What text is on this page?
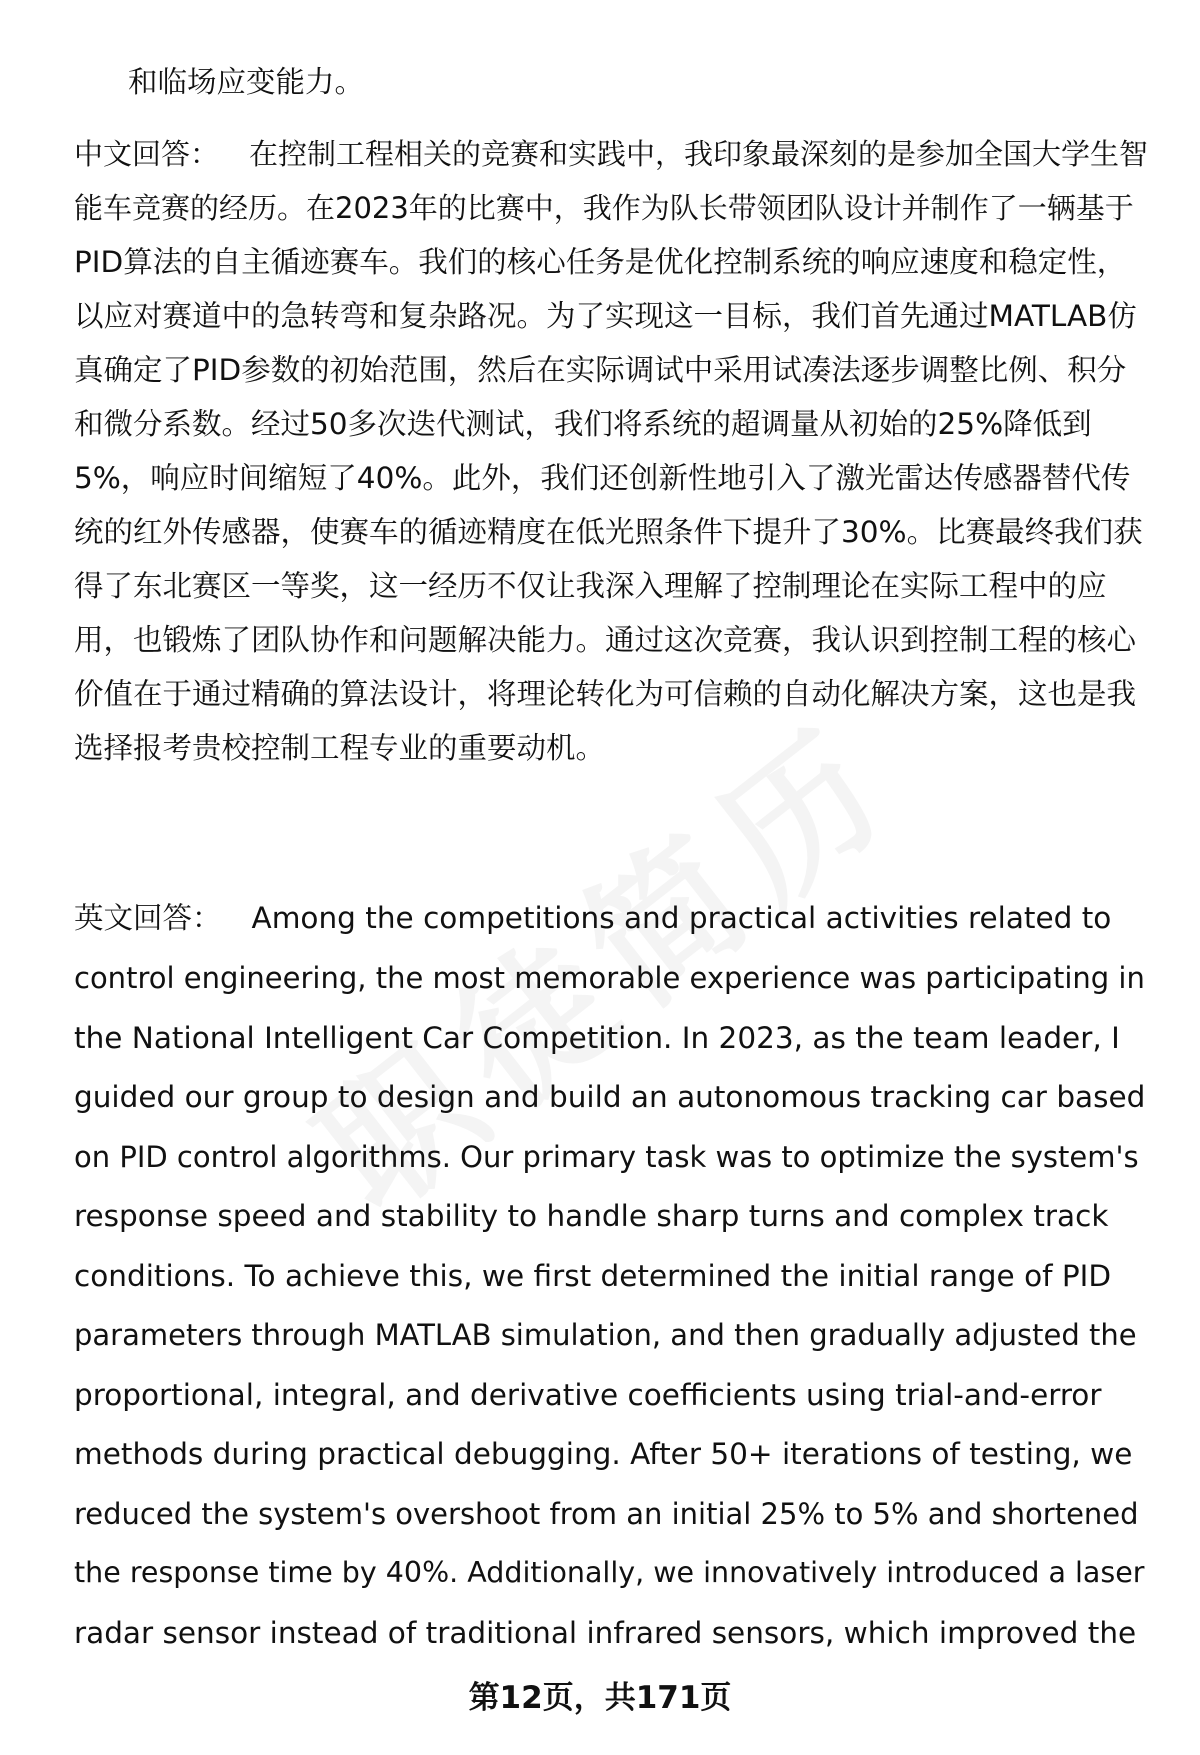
和临场应变能力。

中文回答： 在控制工程相关的竞赛和实践中，我印象最深刻的是参加全国大学生智

能车竞赛的经历。在2023年的比赛中，我作为队长带领团队设计并制作了一辆基于

PID算法的自主循迹赛车。我们的核心任务是优化控制系统的响应速度和稳定性，

以应对赛道中的急转弯和复杂路况。为了实现这一目标，我们首先通过MATLAB仿

真确定了PID参数的初始范围，然后在实际调试中采用试凑法逐步调整比例、积分

和微分系数。经过50多次迭代测试，我们将系统的超调量从初始的25%降低到

5%，响应时间缩短了40%。此外，我们还创新性地引入了激光雷达传感器替代传

统的红外传感器，使赛车的循迹精度在低光照条件下提升了30%。比赛最终我们获

得了东北赛区一等奖，这一经历不仅让我深入理解了控制理论在实际工程中的应

用，也锻炼了团队协作和问题解决能力。通过这次竞赛，我认识到控制工程的核心

价值在于通过精确的算法设计，将理论转化为可信赖的自动化解决方案，这也是我

选择报考贵校控制工程专业的重要动机。

英文回答： Among the competitions and practical activities related to

control engineering, the most memorable experience was participating in

the National Intelligent Car Competition. In 2023, as the team leader, I

guided our group to design and build an autonomous tracking car based

on PID control algorithms. Our primary task was to optimize the system's

response speed and stability to handle sharp turns and complex track

conditions. To achieve this, we first determined the initial range of PID

parameters through MATLAB simulation, and then gradually adjusted the

proportional, integral, and derivative coefficients using trial-and-error

methods during practical debugging. After 50+ iterations of testing, we

reduced the system's overshoot from an initial 25% to 5% and shortened

the response time by 40%. Additionally, we innovatively introduced a laser

radar sensor instead of traditional infrared sensors, which improved the

第12页，共171页
